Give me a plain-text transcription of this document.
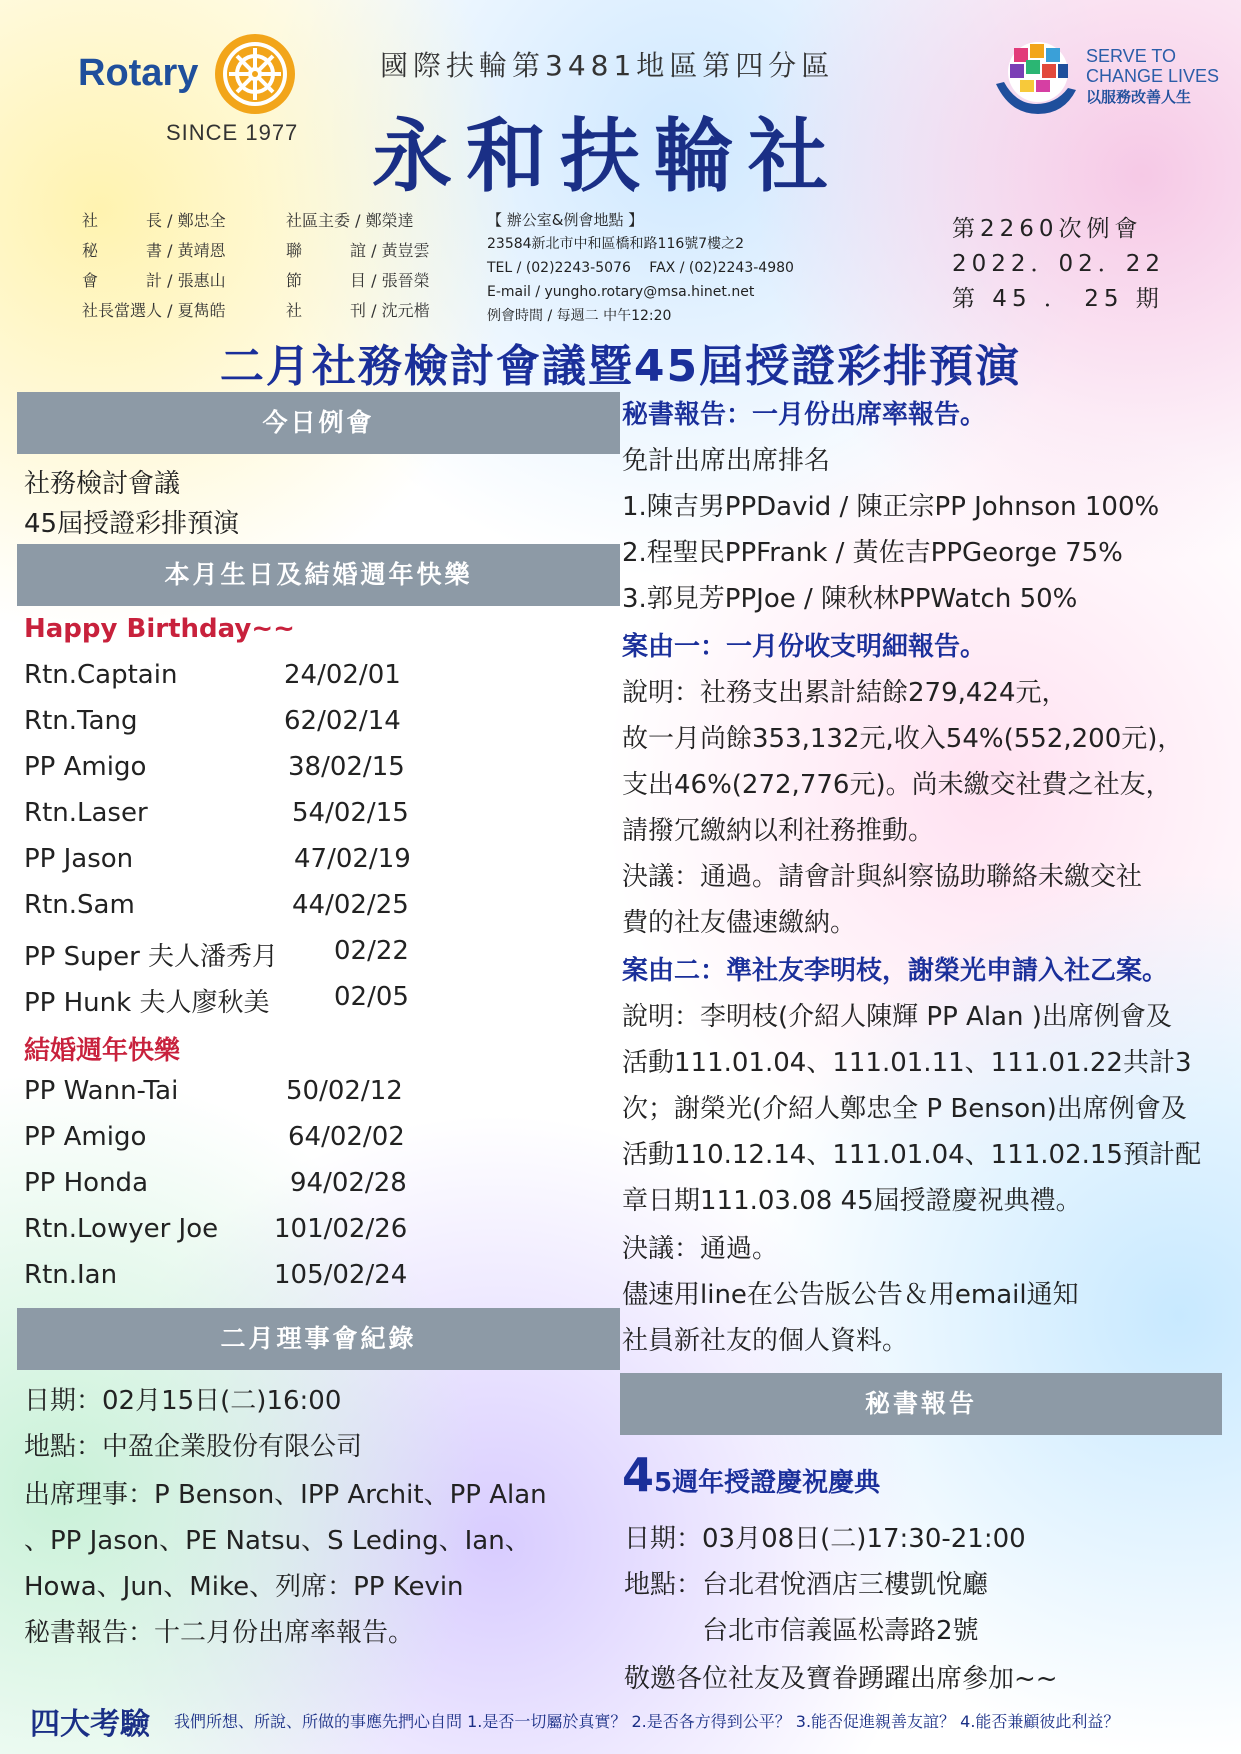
Rotary
SINCE 1977
國際扶輪第3481地區第四分區
永和扶輪社
SERVE TO
CHANGE LIVES
以服務改善人生
社　　　長 / 鄭忠全
秘　　　書 / 黃靖恩
會　　　計 / 張惠山
社長當選人 / 夏雋皓
社區主委 / 鄭榮達
聯　　　誼 / 黃豈雲
節　　　目 / 張晉榮
社　　　刊 / 沈元楷
【 辦公室&例會地點 】
23584新北市中和區橋和路116號7樓之2
TEL / (02)2243-5076　 FAX / (02)2243-4980
E-mail / yungho.rotary@msa.hinet.net
例會時間 / 每週二 中午12:20
第2260次例會
2022．02．22
第 45 ． 25 期
二月社務檢討會議暨45屆授證彩排預演
今日例會
社務檢討會議
45屆授證彩排預演
本月生日及結婚週年快樂
Happy Birthday~~
Rtn.Captain	24/02/01
Rtn.Tang	62/02/14
PP Amigo	38/02/15
Rtn.Laser	54/02/15
PP Jason	47/02/19
Rtn.Sam	44/02/25
PP Super 夫人潘秀月 02/22
PP Hunk 夫人廖秋美 02/05
結婚週年快樂
PP Wann-Tai	50/02/12
PP Amigo	64/02/02
PP Honda	94/02/28
Rtn.Lowyer Joe 101/02/26
Rtn.Ian	105/02/24
二月理事會紀錄
日期：02月15日(二)16:00
地點：中盈企業股份有限公司
出席理事：P Benson、IPP Archit、PP Alan
、PP Jason、PE Natsu、S Leding、Ian、
Howa、Jun、Mike、列席：PP Kevin
秘書報告：十二月份出席率報告。
秘書報告：一月份出席率報告。
免計出席出席排名
1.陳吉男PPDavid / 陳正宗PP Johnson 100%
2.程聖民PPFrank / 黃佐吉PPGeorge 75%
3.郭見芳PPJoe / 陳秋林PPWatch 50%
案由一：一月份收支明細報告。
說明：社務支出累計結餘279,424元，
故一月尚餘353,132元,收入54%(552,200元)，
支出46%(272,776元)。尚未繳交社費之社友，
請撥冗繳納以利社務推動。
決議：通過。請會計與糾察協助聯絡未繳交社
費的社友儘速繳納。
案由二：準社友李明枝，謝榮光申請入社乙案。
說明：李明枝(介紹人陳輝 PP Alan )出席例會及
活動111.01.04、111.01.11、111.01.22共計3
次；謝榮光(介紹人鄭忠全 P Benson)出席例會及
活動110.12.14、111.01.04、111.02.15預計配
章日期111.03.08 45屆授證慶祝典禮。
決議：通過。
儘速用line在公告版公告＆用email通知
社員新社友的個人資料。
秘書報告
45週年授證慶祝慶典
日期：03月08日(二)17:30-21:00
地點：台北君悅酒店三樓凱悅廳
　　　台北市信義區松壽路2號
敬邀各位社友及寶眷踴躍出席參加~~
四大考驗 我們所想、所說、所做的事應先捫心自問 1.是否一切屬於真實？ 2.是否各方得到公平？ 3.能否促進親善友誼？ 4.能否兼顧彼此利益？
